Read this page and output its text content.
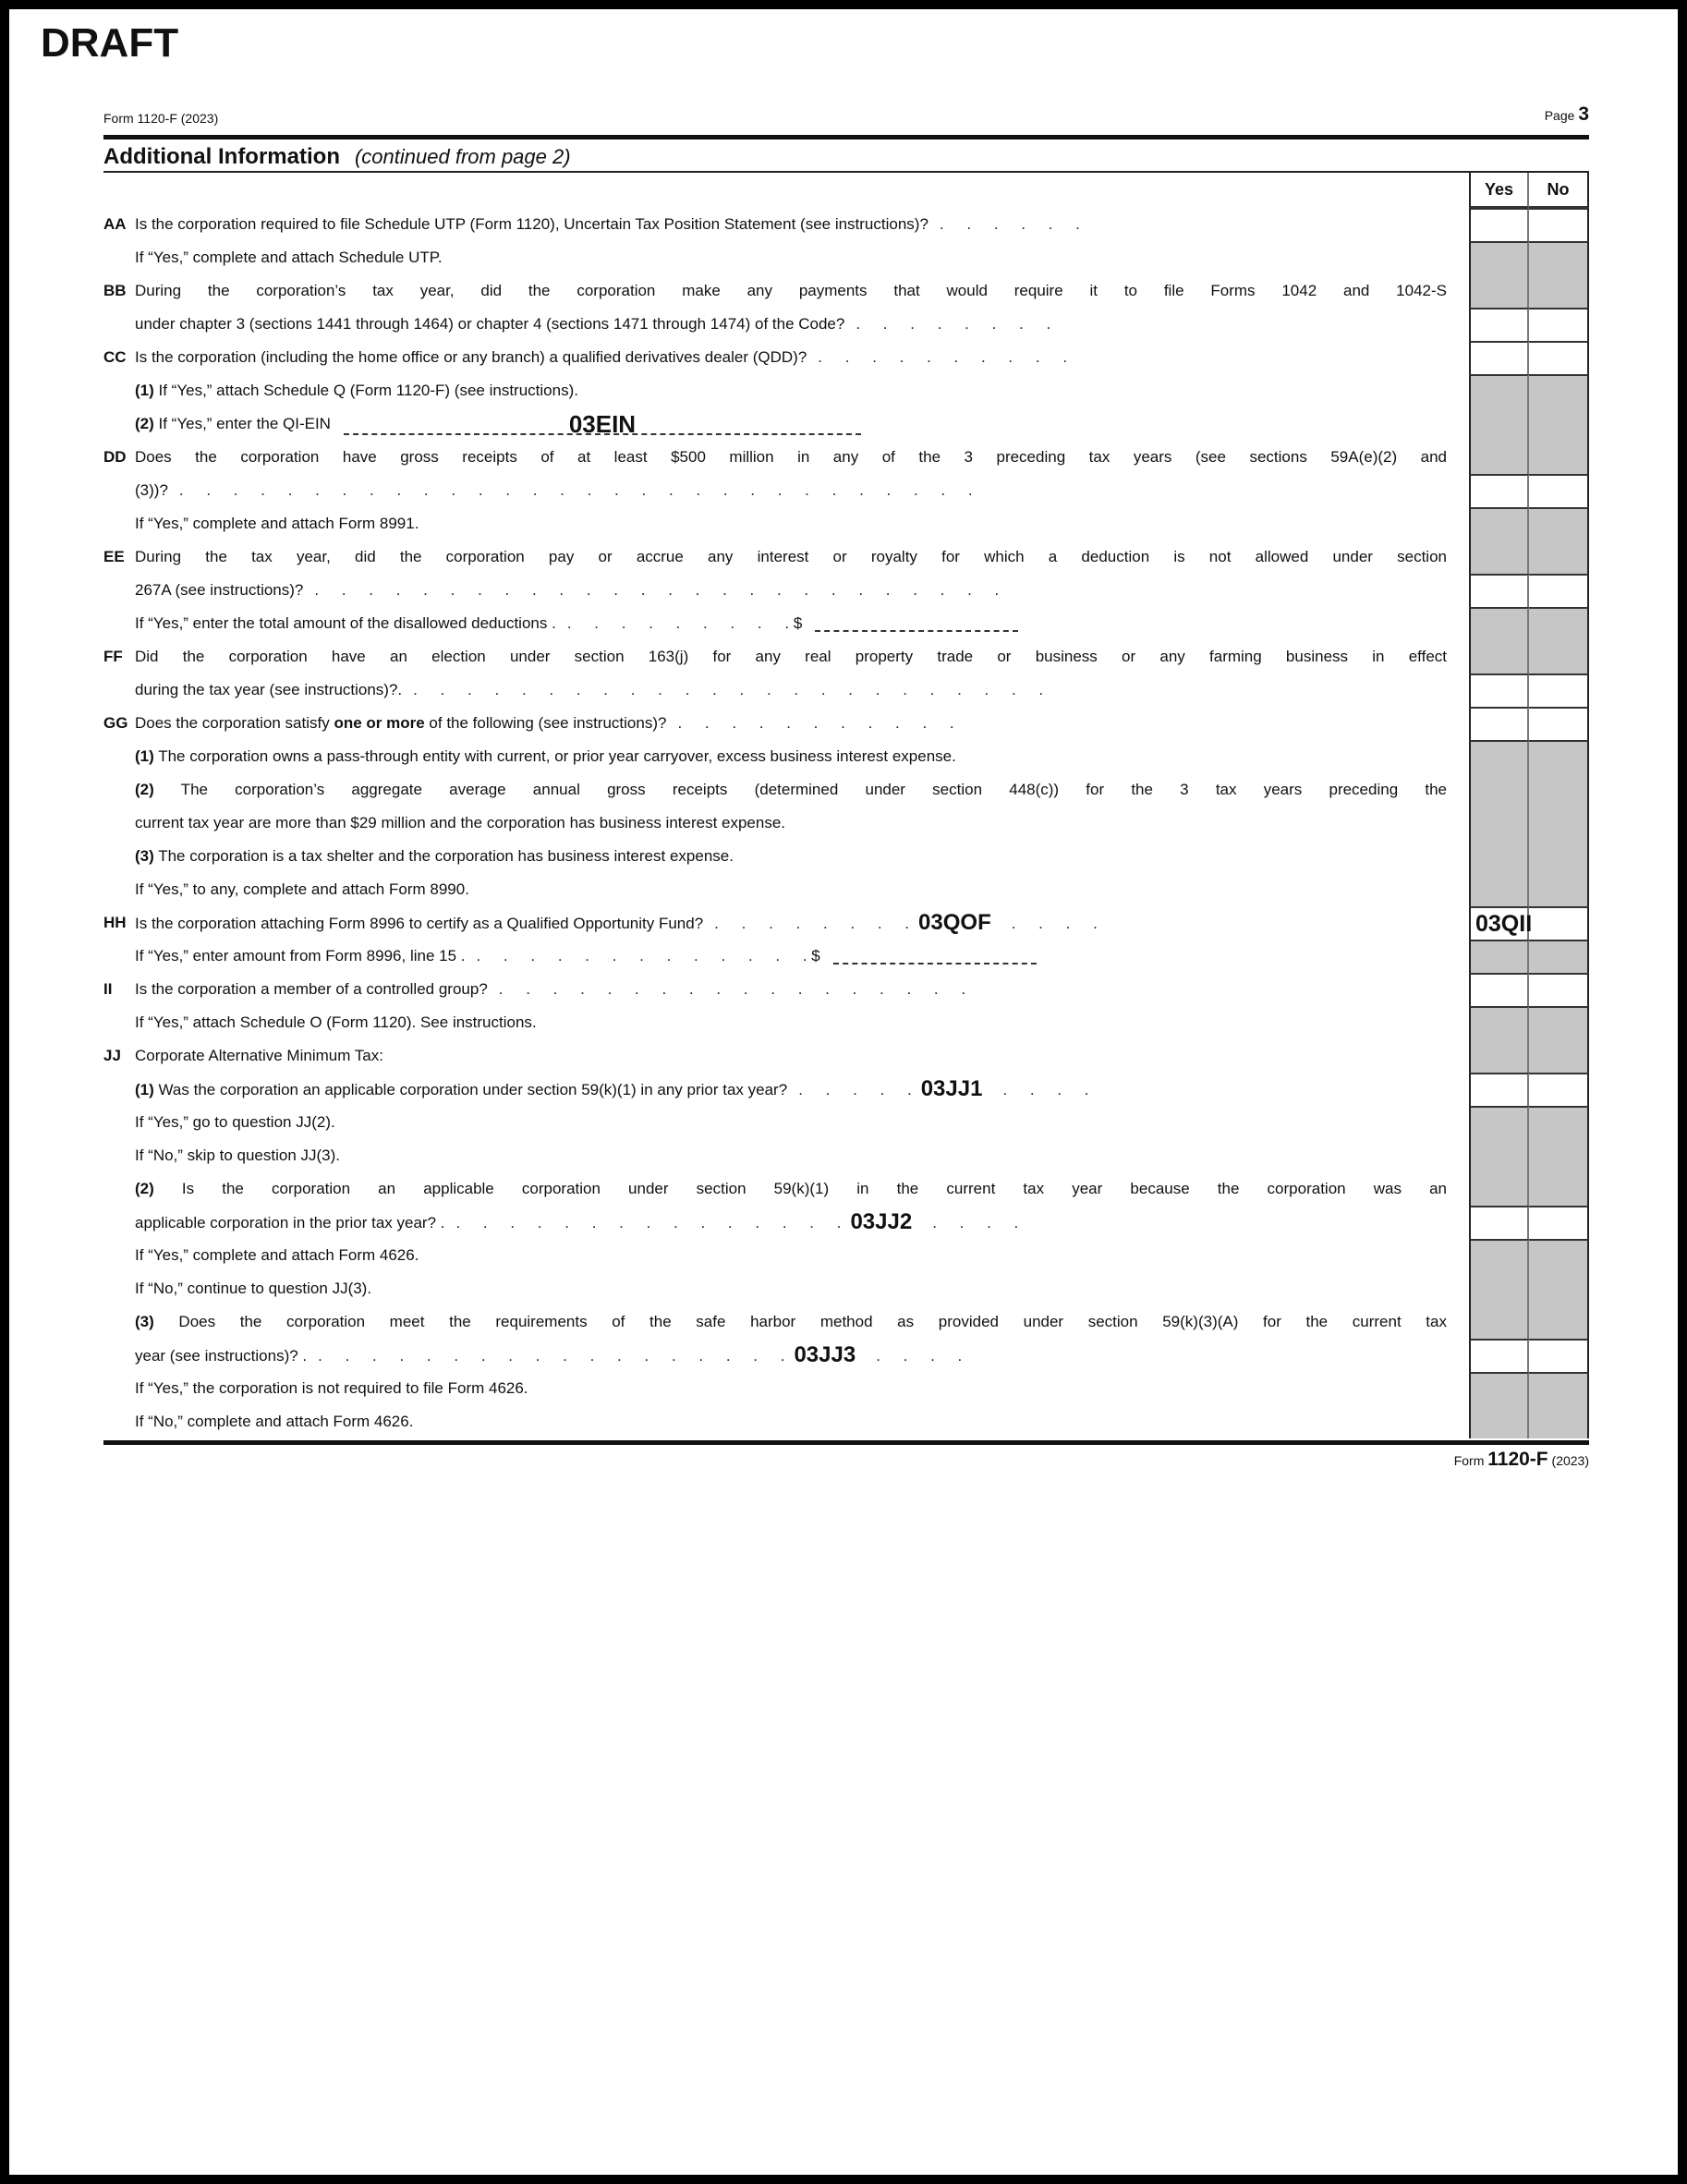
DRAFT
Form 1120-F (2023)	Page 3
Additional Information (continued from page 2)
Yes	No
AA Is the corporation required to file Schedule UTP (Form 1120), Uncertain Tax Position Statement (see instructions)? . . . . . .
If “Yes,” complete and attach Schedule UTP.
BB During the corporation’s tax year, did the corporation make any payments that would require it to file Forms 1042 and 1042-S
under chapter 3 (sections 1441 through 1464) or chapter 4 (sections 1471 through 1474) of the Code? . . . . . . . .
CC Is the corporation (including the home office or any branch) a qualified derivatives dealer (QDD)? . . . . . . . . . .
(1) If “Yes,” attach Schedule Q (Form 1120-F) (see instructions).
(2) If “Yes,” enter the QI-EIN	03EIN
DD Does the corporation have gross receipts of at least $500 million in any of the 3 preceding tax years (see sections 59A(e)(2) and
(3))? . . . . . . . . . . . . . . . . . . . . . . . . . . . . . .
If “Yes,” complete and attach Form 8991.
EE During the tax year, did the corporation pay or accrue any interest or royalty for which a deduction is not allowed under section
267A (see instructions)? . . . . . . . . . . . . . . . . . . . . . . . . . .
If “Yes,” enter the total amount of the disallowed deductions . . . . . . . . . . $
FF Did the corporation have an election under section 163(j) for any real property trade or business or any farming business in effect
during the tax year (see instructions)?. . . . . . . . . . . . . . . . . . . . . . . . .
GG Does the corporation satisfy one or more of the following (see instructions)? . . . . . . . . . . .
(1) The corporation owns a pass-through entity with current, or prior year carryover, excess business interest expense.
(2) The corporation’s aggregate average annual gross receipts (determined under section 448(c)) for the 3 tax years preceding the
current tax year are more than $29 million and the corporation has business interest expense.
(3) The corporation is a tax shelter and the corporation has business interest expense.
If “Yes,” to any, complete and attach Form 8990.
HH Is the corporation attaching Form 8996 to certify as a Qualified Opportunity Fund? . . . . . . . . 03QOF . . . .	03QII
If “Yes,” enter amount from Form 8996, line 15 . . . . . . . . . . . . . . $
II	Is the corporation a member of a controlled group? . . . . . . . . . . . . . . . . . .
If “Yes,” attach Schedule O (Form 1120). See instructions.
JJ Corporate Alternative Minimum Tax:
(1) Was the corporation an applicable corporation under section 59(k)(1) in any prior tax year? . . . . . 03JJ1 . . . .
If “Yes,” go to question JJ(2).
If “No,” skip to question JJ(3).
(2) Is the corporation an applicable corporation under section 59(k)(1) in the current tax year because the corporation was an
applicable corporation in the prior tax year? . . . . . . . . . . . . . . . . 03JJ2 . . . .
If “Yes,” complete and attach Form 4626.
If “No,” continue to question JJ(3).
(3) Does the corporation meet the requirements of the safe harbor method as provided under section 59(k)(3)(A) for the current tax
year (see instructions)? . . . . . . . . . . . . . . . . . . . 03JJ3 . . . .
If “Yes,” the corporation is not required to file Form 4626.
If “No,” complete and attach Form 4626.
Form 1120-F (2023)
